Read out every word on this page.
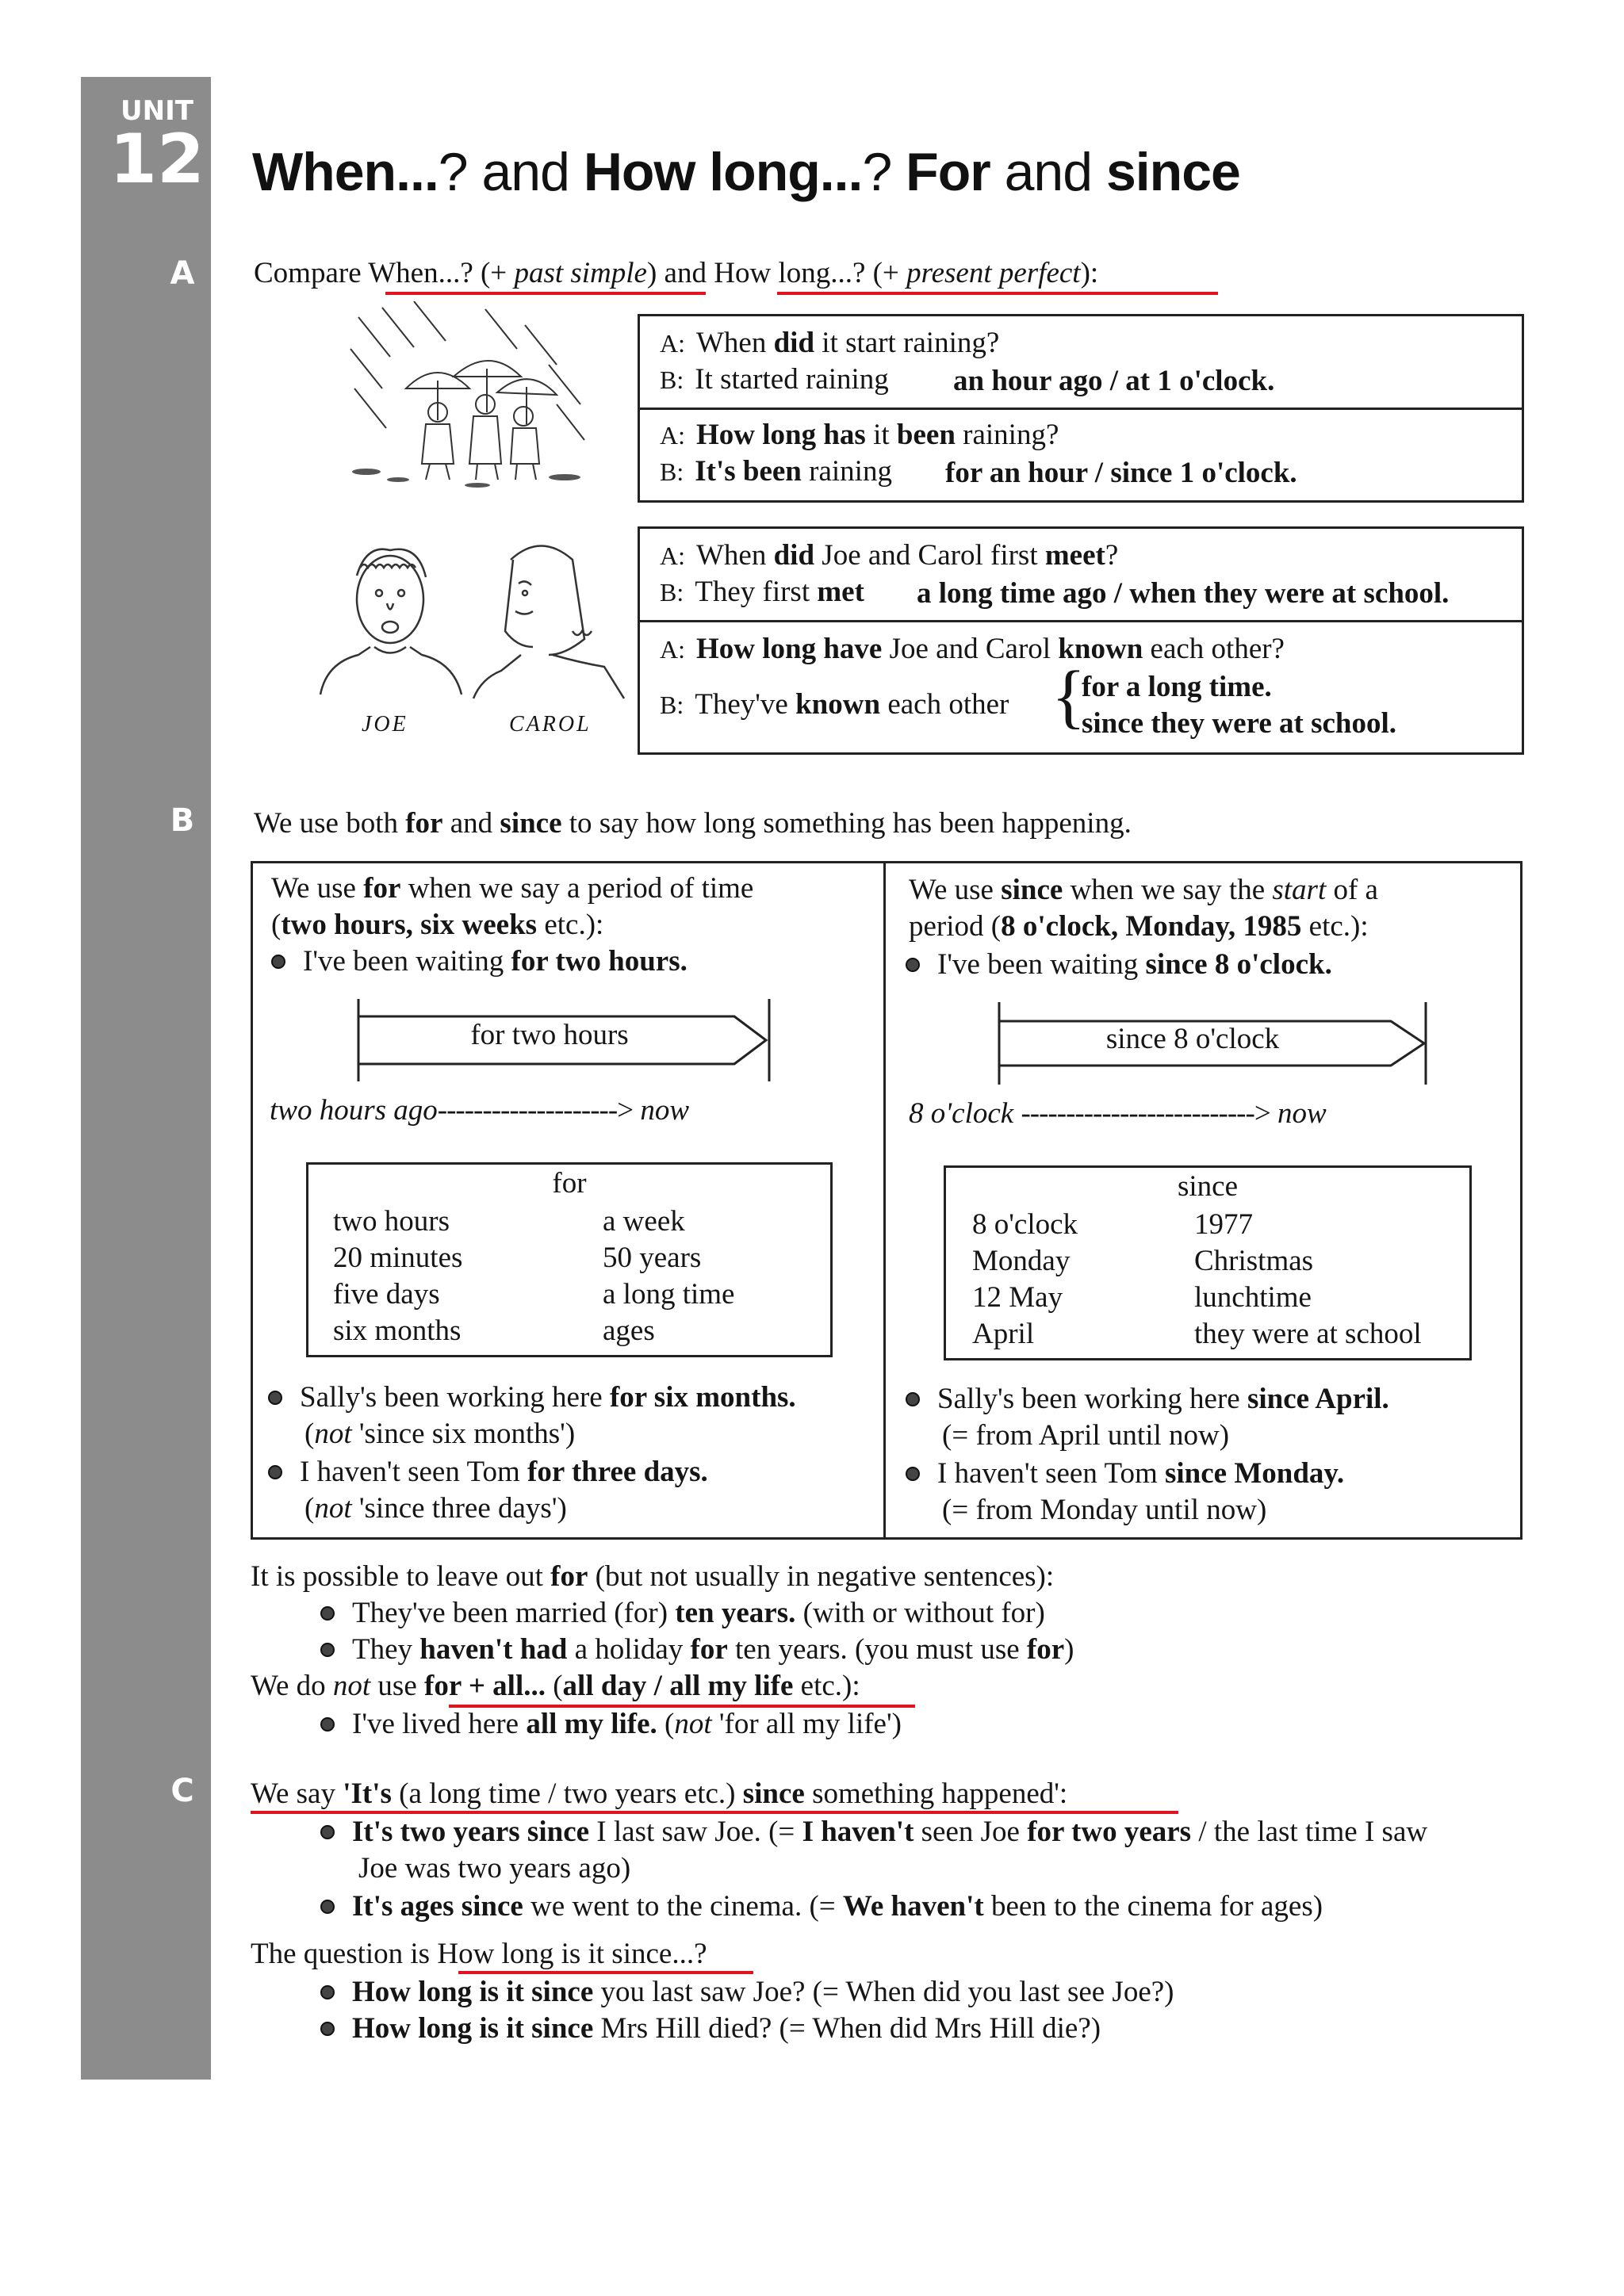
UNIT
12
A
B
C
When...? and How long...? For and since
Compare When...? (+ past simple) and How long...? (+ present perfect):
A: When did it start raining?
B: It started raining an hour ago / at 1 o'clock.
A: How long has it been raining?
B: It's been raining for an hour / since 1 o'clock.
JOE	CAROL
A: When did Joe and Carol first meet?
B: They first met a long time ago / when they were at school.
A: How long have Joe and Carol known each other?
B: They've known each other {
for a long time.
since they were at school.
We use both for and since to say how long something has been happening.
We use for when we say a period of time
(two hours, six weeks etc.):
I've been waiting for two hours.
for two hours
two hours ago--------------------> now
for
two hours
20 minutes
five days
six months
a week
50 years
a long time
ages
Sally's been working here for six months.
(not 'since six months')
I haven't seen Tom for three days.
(not 'since three days')
We use since when we say the start of a
period (8 o'clock, Monday, 1985 etc.):
I've been waiting since 8 o'clock.
since 8 o'clock
8 o'clock --------------------------> now
since
8 o'clock
Monday
12 May
April
1977
Christmas
lunchtime
they were at school
Sally's been working here since April.
(= from April until now)
I haven't seen Tom since Monday.
(= from Monday until now)
It is possible to leave out for (but not usually in negative sentences):
They've been married (for) ten years. (with or without for)
They haven't had a holiday for ten years. (you must use for)
We do not use for + all... (all day / all my life etc.):
I've lived here all my life. (not 'for all my life')
We say 'It's (a long time / two years etc.) since something happened':
It's two years since I last saw Joe. (= I haven't seen Joe for two years / the last time I saw
Joe was two years ago)
It's ages since we went to the cinema. (= We haven't been to the cinema for ages)
The question is How long is it since...?
How long is it since you last saw Joe? (= When did you last see Joe?)
How long is it since Mrs Hill died? (= When did Mrs Hill die?)
